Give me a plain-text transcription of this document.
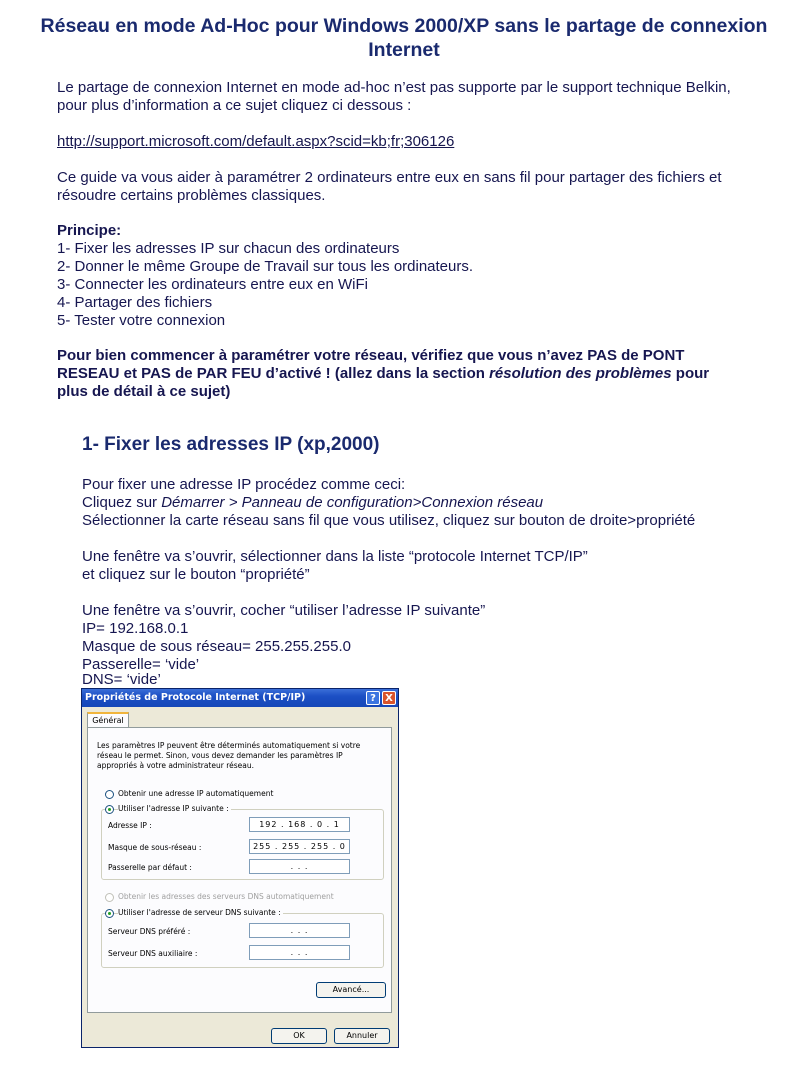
Réseau en mode Ad-Hoc pour Windows 2000/XP sans le partage de connexion Internet
Le partage de connexion Internet en mode ad-hoc n’est pas supporte par le support technique Belkin,
pour plus d’information a ce sujet cliquez ci dessous :
http://support.microsoft.com/default.aspx?scid=kb;fr;306126
Ce guide va vous aider à paramétrer 2 ordinateurs entre eux en sans fil pour partager des fichiers et
résoudre certains problèmes classiques.
Principe:
1- Fixer les adresses IP sur chacun des ordinateurs
2- Donner le même Groupe de Travail sur tous les ordinateurs.
3- Connecter les ordinateurs entre eux en WiFi
4- Partager des fichiers
5- Tester votre connexion
Pour bien commencer à paramétrer votre réseau, vérifiez que vous n’avez PAS de PONT
RESEAU et PAS de PAR FEU d’activé ! (allez dans la section résolution des problèmes pour
plus de détail à ce sujet)
1- Fixer les adresses IP (xp,2000)
Pour fixer une adresse IP procédez comme ceci:
Cliquez sur Démarrer > Panneau de configuration>Connexion réseau
Sélectionner la carte réseau sans fil que vous utilisez, cliquez sur bouton de droite>propriété
Une fenêtre va s’ouvrir, sélectionner dans la liste “protocole Internet TCP/IP”
et cliquez sur le bouton “propriété”
Une fenêtre va s’ouvrir, cocher “utiliser l’adresse IP suivante”
IP= 192.168.0.1
Masque de sous réseau= 255.255.255.0
Passerelle= ‘vide’
DNS= ‘vide’
Propriétés de Protocole Internet (TCP/IP)	? X
Général
Les paramètres IP peuvent être déterminés automatiquement si votre
réseau le permet. Sinon, vous devez demander les paramètres IP
appropriés à votre administrateur réseau.
Obtenir une adresse IP automatiquement
Utiliser l'adresse IP suivante :
Adresse IP :	192 . 168 . 0 . 1
Masque de sous-réseau :	255 . 255 . 255 . 0
Passerelle par défaut :	. . .
Obtenir les adresses des serveurs DNS automatiquement
Utiliser l'adresse de serveur DNS suivante :
Serveur DNS préféré :	. . .
Serveur DNS auxiliaire :	. . .
Avancé...
OK	Annuler
